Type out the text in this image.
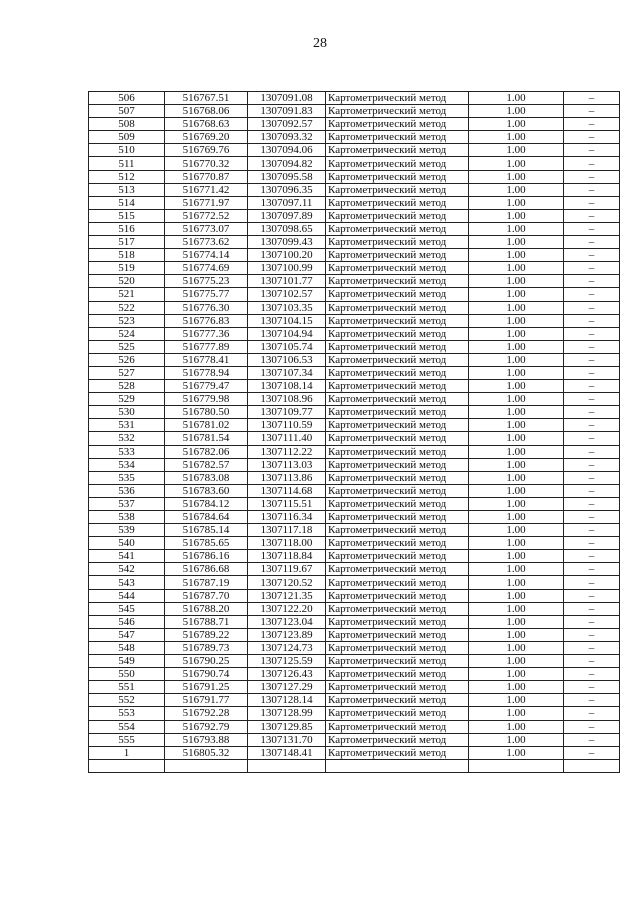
28
506	516767.51	1307091.08	Картометрический метод	1.00	–
507	516768.06	1307091.83	Картометрический метод	1.00	–
508	516768.63	1307092.57	Картометрический метод	1.00	–
509	516769.20	1307093.32	Картометрический метод	1.00	–
510	516769.76	1307094.06	Картометрический метод	1.00	–
511	516770.32	1307094.82	Картометрический метод	1.00	–
512	516770.87	1307095.58	Картометрический метод	1.00	–
513	516771.42	1307096.35	Картометрический метод	1.00	–
514	516771.97	1307097.11	Картометрический метод	1.00	–
515	516772.52	1307097.89	Картометрический метод	1.00	–
516	516773.07	1307098.65	Картометрический метод	1.00	–
517	516773.62	1307099.43	Картометрический метод	1.00	–
518	516774.14	1307100.20	Картометрический метод	1.00	–
519	516774.69	1307100.99	Картометрический метод	1.00	–
520	516775.23	1307101.77	Картометрический метод	1.00	–
521	516775.77	1307102.57	Картометрический метод	1.00	–
522	516776.30	1307103.35	Картометрический метод	1.00	–
523	516776.83	1307104.15	Картометрический метод	1.00	–
524	516777.36	1307104.94	Картометрический метод	1.00	–
525	516777.89	1307105.74	Картометрический метод	1.00	–
526	516778.41	1307106.53	Картометрический метод	1.00	–
527	516778.94	1307107.34	Картометрический метод	1.00	–
528	516779.47	1307108.14	Картометрический метод	1.00	–
529	516779.98	1307108.96	Картометрический метод	1.00	–
530	516780.50	1307109.77	Картометрический метод	1.00	–
531	516781.02	1307110.59	Картометрический метод	1.00	–
532	516781.54	1307111.40	Картометрический метод	1.00	–
533	516782.06	1307112.22	Картометрический метод	1.00	–
534	516782.57	1307113.03	Картометрический метод	1.00	–
535	516783.08	1307113.86	Картометрический метод	1.00	–
536	516783.60	1307114.68	Картометрический метод	1.00	–
537	516784.12	1307115.51	Картометрический метод	1.00	–
538	516784.64	1307116.34	Картометрический метод	1.00	–
539	516785.14	1307117.18	Картометрический метод	1.00	–
540	516785.65	1307118.00	Картометрический метод	1.00	–
541	516786.16	1307118.84	Картометрический метод	1.00	–
542	516786.68	1307119.67	Картометрический метод	1.00	–
543	516787.19	1307120.52	Картометрический метод	1.00	–
544	516787.70	1307121.35	Картометрический метод	1.00	–
545	516788.20	1307122.20	Картометрический метод	1.00	–
546	516788.71	1307123.04	Картометрический метод	1.00	–
547	516789.22	1307123.89	Картометрический метод	1.00	–
548	516789.73	1307124.73	Картометрический метод	1.00	–
549	516790.25	1307125.59	Картометрический метод	1.00	–
550	516790.74	1307126.43	Картометрический метод	1.00	–
551	516791.25	1307127.29	Картометрический метод	1.00	–
552	516791.77	1307128.14	Картометрический метод	1.00	–
553	516792.28	1307128.99	Картометрический метод	1.00	–
554	516792.79	1307129.85	Картометрический метод	1.00	–
555	516793.88	1307131.70	Картометрический метод	1.00	–
1	516805.32	1307148.41	Картометрический метод	1.00	–
